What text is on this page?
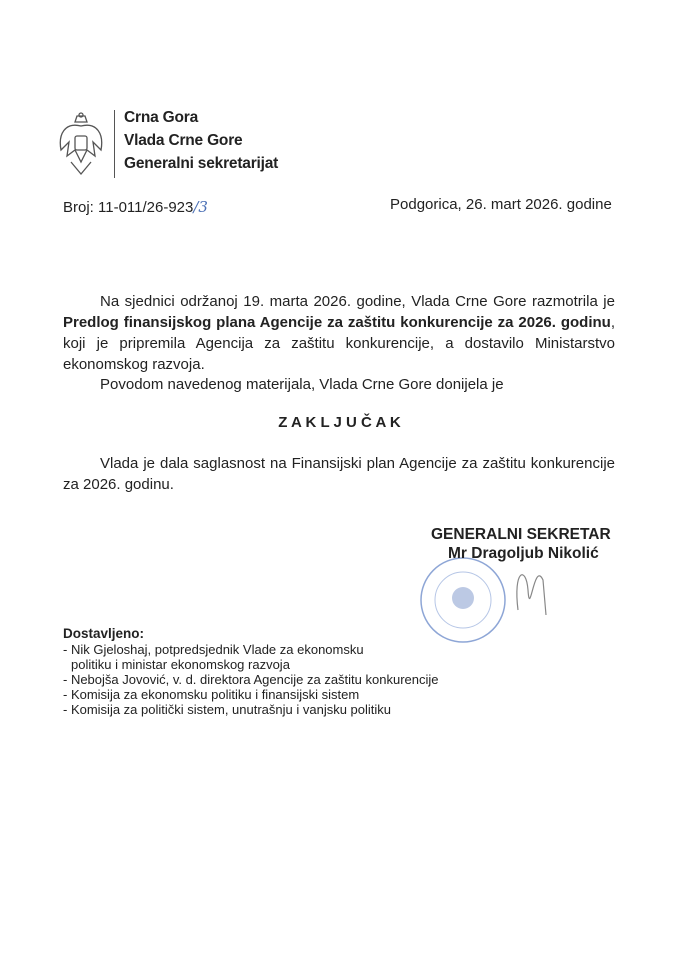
Crna Gora
Vlada Crne Gore
Generalni sekretarijat
Broj: 11-011/26-923/3	Podgorica, 26. mart 2026. godine
Na sjednici održanoj 19. marta 2026. godine, Vlada Crne Gore razmotrila je Predlog finansijskog plana Agencije za zaštitu konkurencije za 2026. godinu, koji je pripremila Agencija za zaštitu konkurencije, a dostavilo Ministarstvo ekonomskog razvoja.
Povodom navedenog materijala, Vlada Crne Gore donijela je
Z A K L J U Č A K
Vlada je dala saglasnost na Finansijski plan Agencije za zaštitu konkurencije za 2026. godinu.
GENERALNI SEKRETAR
Mr Dragoljub Nikolić
Dostavljeno:
- Nik Gjeloshaj, potpredsjednik Vlade za ekonomsku
politiku i ministar ekonomskog razvoja
- Nebojša Jovović, v. d. direktora Agencije za zaštitu konkurencije
- Komisija za ekonomsku politiku i finansijski sistem
- Komisija za politički sistem, unutrašnju i vanjsku politiku
